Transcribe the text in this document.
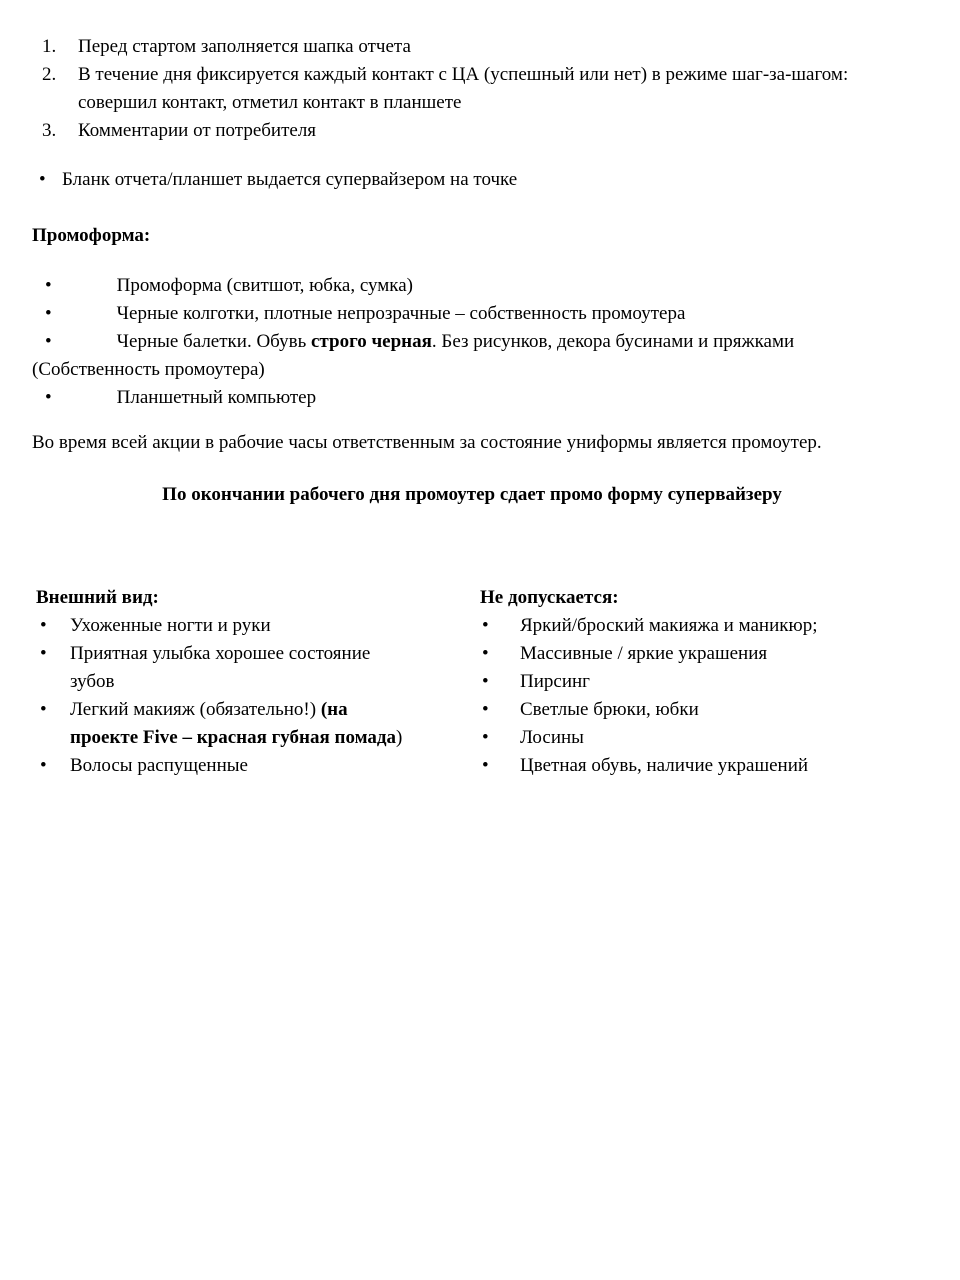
1. Перед стартом заполняется шапка отчета
2. В течение дня фиксируется каждый контакт с ЦА (успешный или нет) в режиме шаг-за-шагом: совершил контакт, отметил контакт в планшете
3. Комментарии от потребителя

• Бланк отчета/планшет выдается супервайзером на точке

Промоформа:

•	Промоформа (свитшот, юбка, сумка)
•	Черные колготки, плотные непрозрачные – собственность промоутера
•	Черные балетки. Обувь строго черная. Без рисунков, декора бусинами и пряжками (Собственность промоутера)
•	Планшетный компьютер

Во время всей акции в рабочие часы ответственным за состояние униформы является промоутер.

По окончании рабочего дня промоутер сдает промо форму супервайзеру

Внешний вид:

• Ухоженные ногти и руки
• Приятная улыбка хорошее состояние зубов
• Легкий макияж (обязательно!) (на проекте Five – красная губная помада)
• Волосы распущенные

Не допускается:

• Яркий/броский макияжа и маникюр;
• Массивные / яркие украшения
• Пирсинг
• Светлые брюки, юбки
• Лосины
• Цветная обувь, наличие украшений
